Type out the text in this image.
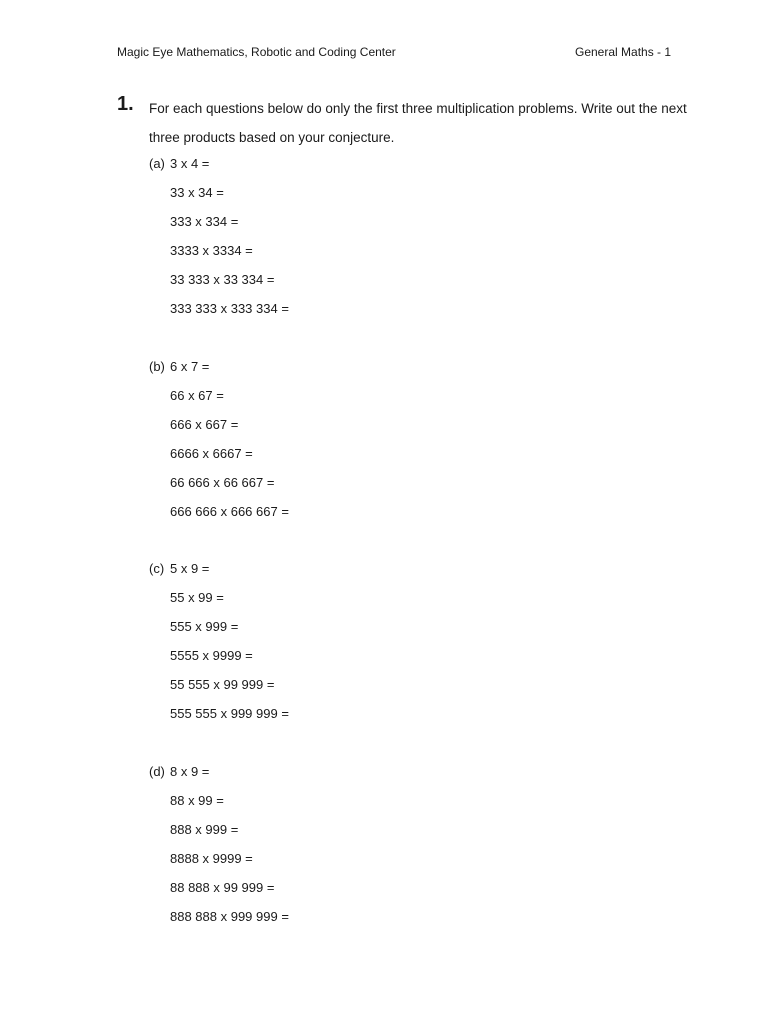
Magic Eye Mathematics, Robotic and Coding Center	General Maths - 1
1. For each questions below do only the first three multiplication problems. Write out the next three products based on your conjecture.
(a) 3 x 4 =
33 x 34 =
333 x 334 =
3333 x 3334 =
33 333 x 33 334 =
333 333 x 333 334 =
(b) 6 x 7 =
66 x 67 =
666 x 667 =
6666 x 6667 =
66 666 x 66 667 =
666 666 x 666 667 =
(c) 5 x 9 =
55 x 99 =
555 x 999 =
5555 x 9999 =
55 555 x 99 999 =
555 555 x 999 999 =
(d) 8 x 9 =
88 x 99 =
888 x 999 =
8888 x 9999 =
88 888 x 99 999 =
888 888 x 999 999 =
